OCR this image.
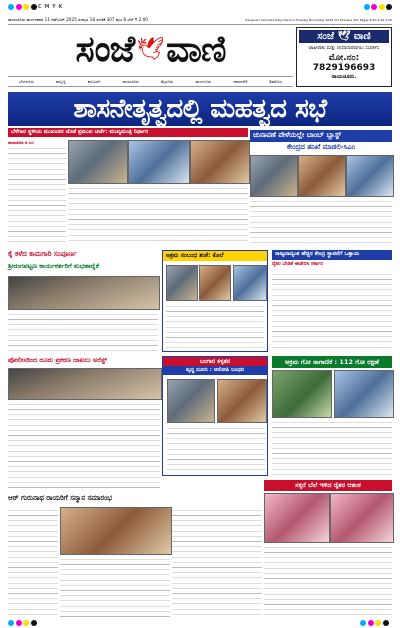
C M Y K
ರಾಯಚೂರು ಮಂಗಳವಾರ 11 ನವೆಂಬರ್ 2025 ಸಂಪುಟ 18 ಸಂಚಿಕೆ 307 ಪುಟ 8 ಬೆಲೆ ₹ 2.00	Sanjevani Kannada Daily Raichur Tuesday November 2025 Vol 18 Issue 307 Pages 8 Price Rs 2.00
ಸಂಜೆ 🕊 ವಾಣಿ	ಸಂಜೆ 🕊 ವಾಣಿ
ಜಾಹೀರಾತು ಮತ್ತು ಚಂದಾದಾರರಾಗಲು ಸಂಪರ್ಕಿಸಿ
ಮೋ.ನಂ: 7829196693
ರಾಯಚೂರು.
ಬೆಂಗಳೂರು	ಹುಬ್ಬಳ್ಳಿ	ಕಲಬುರಗಿ	ರಾಯಚೂರು	ಮೈಸೂರು	ಮಂಗಳೂರು	ದಾವಣಗೆರೆ	ಶಿವಮೊಗ್ಗ
ಶಾಸನೇತೃತ್ವದಲ್ಲಿ ಮಹತ್ವದ ಸಭೆ
ಬೆಳೆಗಾರ ಸ್ಥಳೀಯ ಮುಖಂಡರ ಜೊತೆ ಪ್ರಮುಖ ಚರ್ಚೆ: ಮುಖ್ಯಮಂತ್ರಿ ನಿರ್ಧಾರ
ರಾಯಚೂರು ನ.10
ಚುನಾವಣೆ ವೇಳೆಯಲ್ಲೇ ಬಾಂಬ್ ಬ್ಲಾಸ್ಟ್
ಕೇಂದ್ರದ ತನಿಖೆ ಮಾಡಲಿ-ಸಿಎಂ
ಕೈ ಕಳೆದ ಕಾಮಗಾರಿ ಸಂಪೂರ್ಣ
ಶ್ರೀರಂಗಪಟ್ಟಣ ಕಾರ್ಯಕರ್ತರಿಗೆ ಶುಭಹಾರೈಕೆ
ಅಕ್ರಮ ಸಂಬಂಧ ಶಂಕೆ: ಕೊಲೆ	ರಾಜ್ಯದಾದ್ಯಂತ ಹೆಚ್ಚಿನ ಕೇಂದ್ರ ಸ್ಥಾಪನೆಗೆ ಒತ್ತಾಯ
ರೈತರ ಬೇಡಿಕೆ ಈಡೇರಿಸಿ ಸರ್ಕಾರ
ಪೋಲೀಸರಿಂದ ದೂರು ಪ್ರಕರಣ ದಾಖಲು ಅರೆಸ್ಟ್	ಬಂಗಾರ ಕಳ್ಳತನ
ವೃದ್ಧ ದೂರು : ಆರೋಪಿ ಬಂಧನ
ಅಕ್ರಮ ಗೋ ಸಾಗಾಣಿಕೆ : 112 ಗೋ ರಕ್ಷಣೆ
ಆರ್ ಗುರುನಾಥ ರಾಯರಿಗೆ ಸನ್ಮಾನ ಸಮಾರಂಭ
ಸಕ್ಕರೆ ಬೆಲೆ ಇಳಿದ ರೈತರ ಆತಂಕ
